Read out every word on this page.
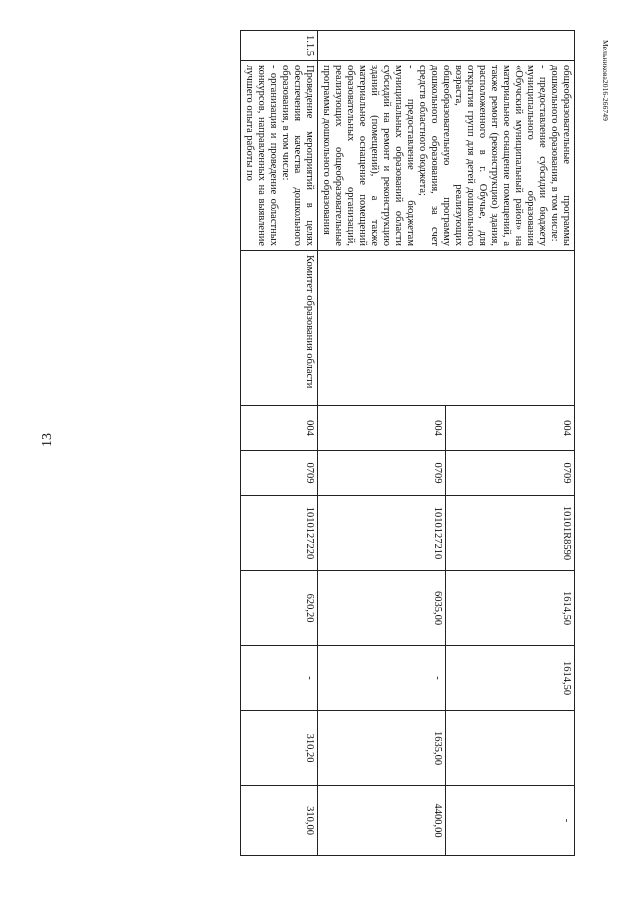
13
Мельникова2016-266749

	общеобразовательные программы дошкольного образования, в том числе:

- предоставление субсидии бюджету муниципального образования «Обучский муниципальный район» на материальное оснащение помещений, а также ремонт (реконструкцию) здания, расположенного в г. Обучье, для открытия групп для детей дошкольного возраста, реализующих общеобразовательную программу дошкольного образования, за счет средств областного бюджета;

- предоставление бюджетам муниципальных образований области субсидий на ремонт и реконструкцию зданий (помещений), а также материальное оснащение помещений образовательных организаций, реализующих общеобразовательные программы дошкольного образования		004	0709	10101R8590	1614,50	1614,50		-
			004	0709	1010127210	6035,00	-	1635,00	4400,00
1.1.5	Проведение мероприятий в целях обеспечения качества дошкольного образования, в том числе:

- организация и проведение областных конкурсов, направленных на выявление лучшего опыта работы по	Комитет образования области	004	0709	1010127220	620,20	-	310,20	310,00
